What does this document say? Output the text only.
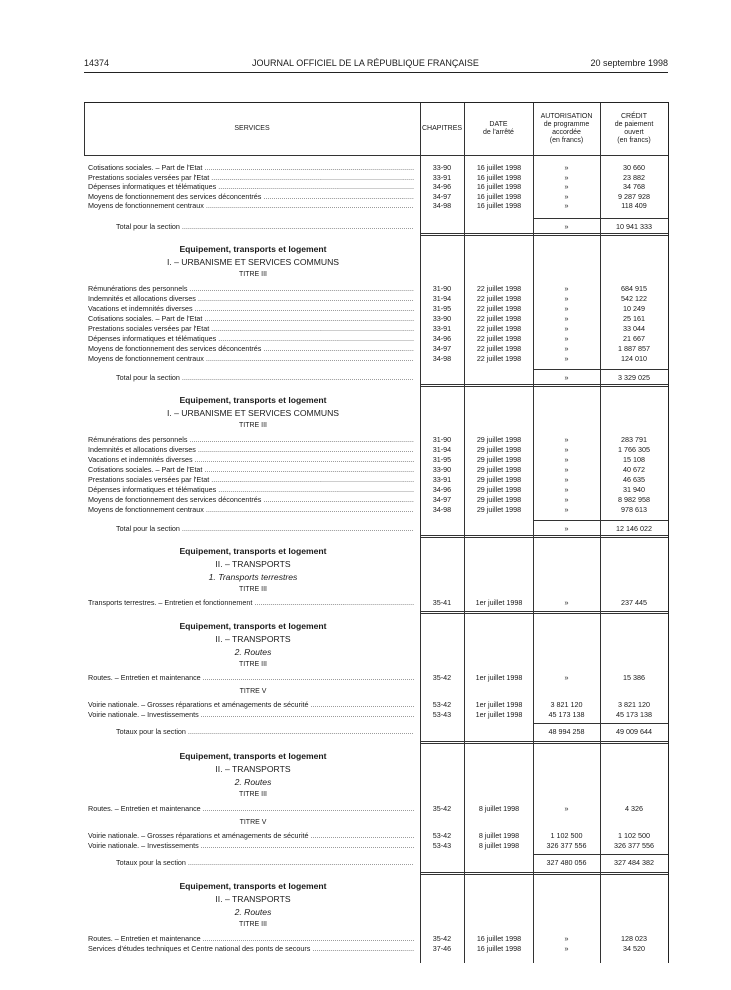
14374	JOURNAL OFFICIEL DE LA RÉPUBLIQUE FRANÇAISE	20 septembre 1998
SERVICES	CHAPITRES
DATE
de l'arrêté
AUTORISATION
de programme
accordée
(en francs)
CRÉDIT
de paiement
ouvert
(en francs)
Cotisations sociales. – Part de l'Etat .....	33-90	16 juillet 1998	»	30 660
Prestations sociales versées par l'Etat .....	33-91	16 juillet 1998	»	23 882
Dépenses informatiques et télématiques .....	34-96	16 juillet 1998	»	34 768
Moyens de fonctionnement des services déconcentrés .....	34-97	16 juillet 1998	»	9 287 928
Moyens de fonctionnement centraux .....	34-98	16 juillet 1998	»	118 409
Total pour la section .....	»	10 941 333
Equipement, transports et logement
I. – URBANISME ET SERVICES COMMUNS
TITRE III
Rémunérations des personnels .....	31-90	22 juillet 1998	»	684 915
Indemnités et allocations diverses .....	31-94	22 juillet 1998	»	542 122
Vacations et indemnités diverses .....	31-95	22 juillet 1998	»	10 249
Cotisations sociales. – Part de l'Etat .....	33-90	22 juillet 1998	»	25 161
Prestations sociales versées par l'Etat .....	33-91	22 juillet 1998	»	33 044
Dépenses informatiques et télématiques .....	34-96	22 juillet 1998	»	21 667
Moyens de fonctionnement des services déconcentrés .....	34-97	22 juillet 1998	»	1 887 857
Moyens de fonctionnement centraux .....	34-98	22 juillet 1998	»	124 010
Total pour la section .....	»	3 329 025
Equipement, transports et logement
I. – URBANISME ET SERVICES COMMUNS
TITRE III
Rémunérations des personnels .....	31-90	29 juillet 1998	»	283 791
Indemnités et allocations diverses .....	31-94	29 juillet 1998	»	1 766 305
Vacations et indemnités diverses .....	31-95	29 juillet 1998	»	15 108
Cotisations sociales. – Part de l'Etat .....	33-90	29 juillet 1998	»	40 672
Prestations sociales versées par l'Etat .....	33-91	29 juillet 1998	»	46 635
Dépenses informatiques et télématiques .....	34-96	29 juillet 1998	»	31 940
Moyens de fonctionnement des services déconcentrés .....	34-97	29 juillet 1998	»	8 982 958
Moyens de fonctionnement centraux .....	34-98	29 juillet 1998	»	978 613
Total pour la section .....	»	12 146 022
Equipement, transports et logement
II. – TRANSPORTS
1. Transports terrestres
TITRE III
Transports terrestres. – Entretien et fonctionnement .....	35-41	1er juillet 1998	»	237 445
Equipement, transports et logement
II. – TRANSPORTS
2. Routes
TITRE III
Routes. – Entretien et maintenance .....	35-42	1er juillet 1998	»	15 386
TITRE V
Voirie nationale. – Grosses réparations et aménagements de sécurité .....	53-42	1er juillet 1998	3 821 120	3 821 120
Voirie nationale. – Investissements .....	53-43	1er juillet 1998	45 173 138	45 173 138
Totaux pour la section .....	48 994 258	49 009 644
Equipement, transports et logement
II. – TRANSPORTS
2. Routes
TITRE III
Routes. – Entretien et maintenance .....	35-42	8 juillet 1998	»	4 326
TITRE V
Voirie nationale. – Grosses réparations et aménagements de sécurité .....	53-42	8 juillet 1998	1 102 500	1 102 500
Voirie nationale. – Investissements .....	53-43	8 juillet 1998	326 377 556	326 377 556
Totaux pour la section .....	327 480 056	327 484 382
Equipement, transports et logement
II. – TRANSPORTS
2. Routes
TITRE III
Routes. – Entretien et maintenance .....	35-42	16 juillet 1998	»	128 023
Services d'études techniques et Centre national des ponts de secours .....	37-46	16 juillet 1998	»	34 520
